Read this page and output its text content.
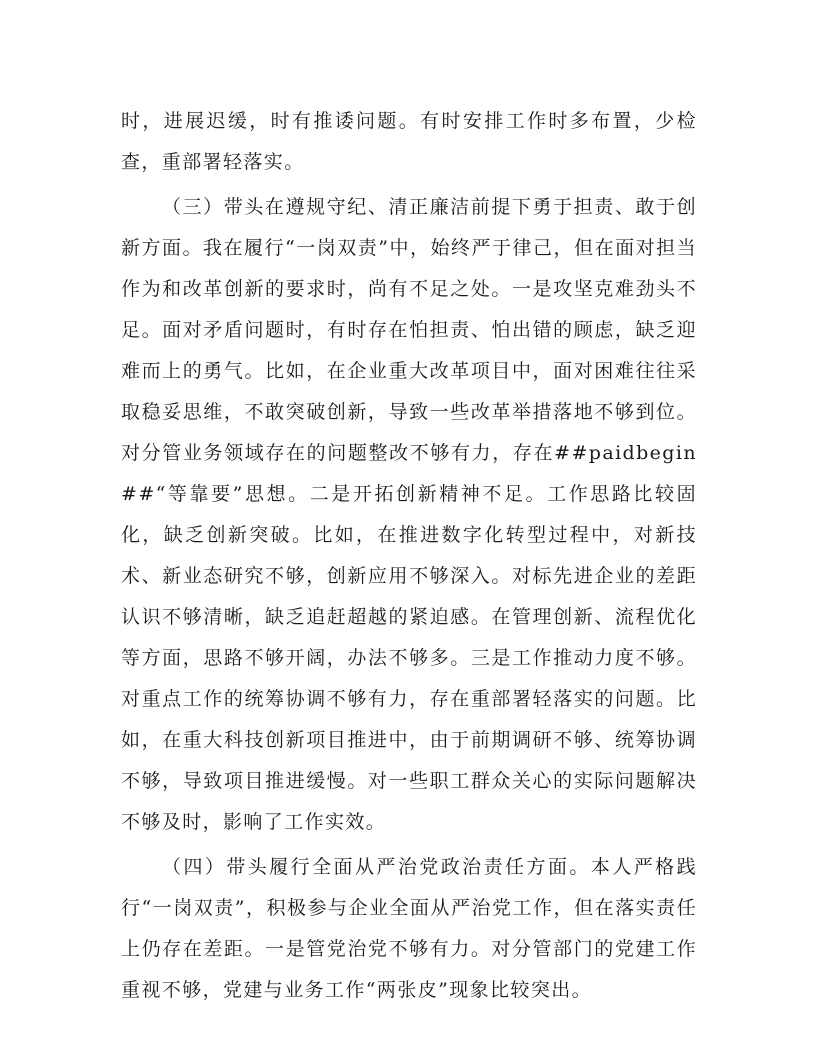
时，进展迟缓，时有推诿问题。有时安排工作时多布置，少检查，重部署轻落实。

（三）带头在遵规守纪、清正廉洁前提下勇于担责、敢于创新方面。我在履行“一岗双责”中，始终严于律己，但在面对担当作为和改革创新的要求时，尚有不足之处。一是攻坚克难劲头不足。面对矛盾问题时，有时存在怕担责、怕出错的顾虑，缺乏迎难而上的勇气。比如，在企业重大改革项目中，面对困难往往采取稳妥思维，不敢突破创新，导致一些改革举措落地不够到位。对分管业务领域存在的问题整改不够有力，存在##paidbegin##“等靠要”思想。二是开拓创新精神不足。工作思路比较固化，缺乏创新突破。比如，在推进数字化转型过程中，对新技术、新业态研究不够，创新应用不够深入。对标先进企业的差距认识不够清晰，缺乏追赶超越的紧迫感。在管理创新、流程优化等方面，思路不够开阔，办法不够多。三是工作推动力度不够。对重点工作的统筹协调不够有力，存在重部署轻落实的问题。比如，在重大科技创新项目推进中，由于前期调研不够、统筹协调不够，导致项目推进缓慢。对一些职工群众关心的实际问题解决不够及时，影响了工作实效。

（四）带头履行全面从严治党政治责任方面。本人严格践行“一岗双责”，积极参与企业全面从严治党工作，但在落实责任上仍存在差距。一是管党治党不够有力。对分管部门的党建工作重视不够，党建与业务工作“两张皮”现象比较突出。
